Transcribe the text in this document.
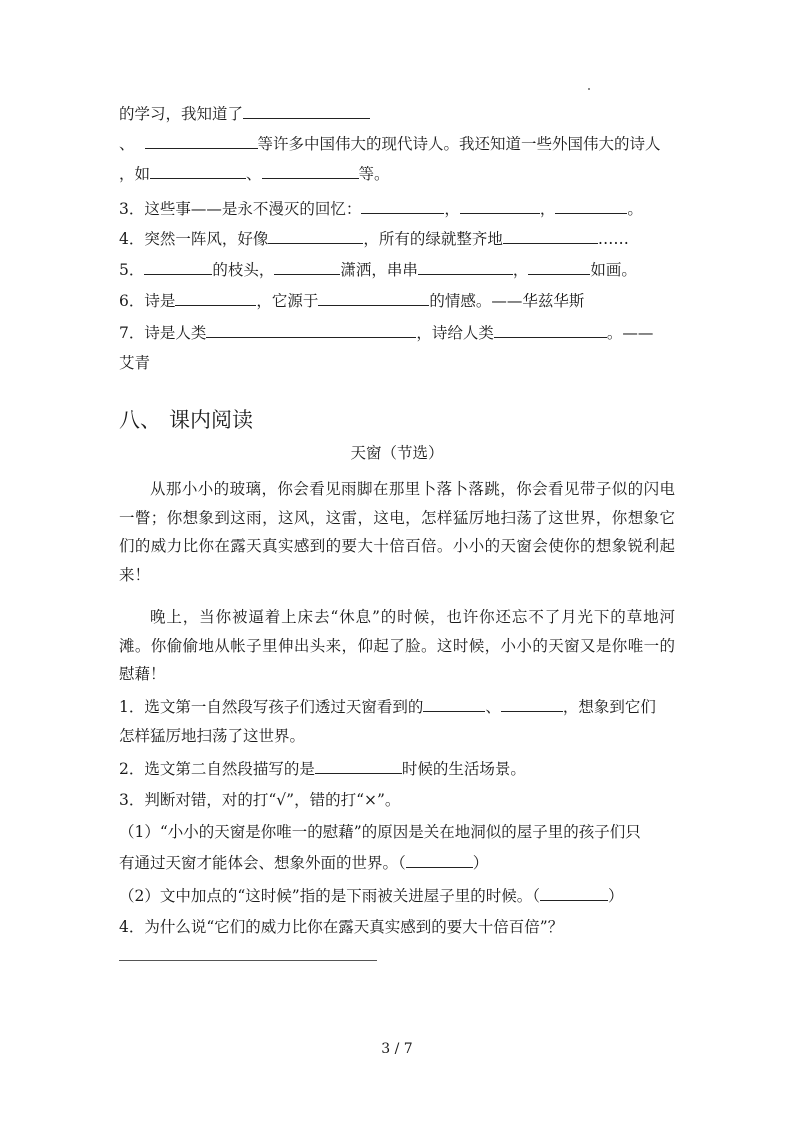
的学习，我知道了
、	等许多中国伟大的现代诗人。我还知道一些外国伟大的诗人
，如	、	等。
3．这些事——是永不漫灭的回忆：	，	，	。
4．突然一阵风，好像	，所有的绿就整齐地	……
5．	的枝头，	潇洒，串串	，	如画。
6．诗是	，它源于	的情感。——华兹华斯
7．诗是人类	，诗给人类	。——
艾青
八、 课内阅读
天窗（节选）
从那小小的玻璃，你会看见雨脚在那里卜落卜落跳，你会看见带子似的闪电一瞥；你想象到这雨，这风，这雷，这电，怎样猛厉地扫荡了这世界，你想象它们的威力比你在露天真实感到的要大十倍百倍。小小的天窗会使你的想象锐利起来！
晚上，当你被逼着上床去“休息”的时候，也许你还忘不了月光下的草地河滩。你偷偷地从帐子里伸出头来，仰起了脸。这时候，小小的天窗又是你唯一的慰藉！
1．选文第一自然段写孩子们透过天窗看到的	、	，想象到它们
怎样猛厉地扫荡了这世界。
2．选文第二自然段描写的是	时候的生活场景。
3．判断对错，对的打“√”，错的打“×”。
（1）“小小的天窗是你唯一的慰藉”的原因是关在地洞似的屋子里的孩子们只
有通过天窗才能体会、想象外面的世界。（	）
（2）文中加点的“这时候”指的是下雨被关进屋子里的时候。（	）
4．为什么说“它们的威力比你在露天真实感到的要大十倍百倍”？
3 / 7
